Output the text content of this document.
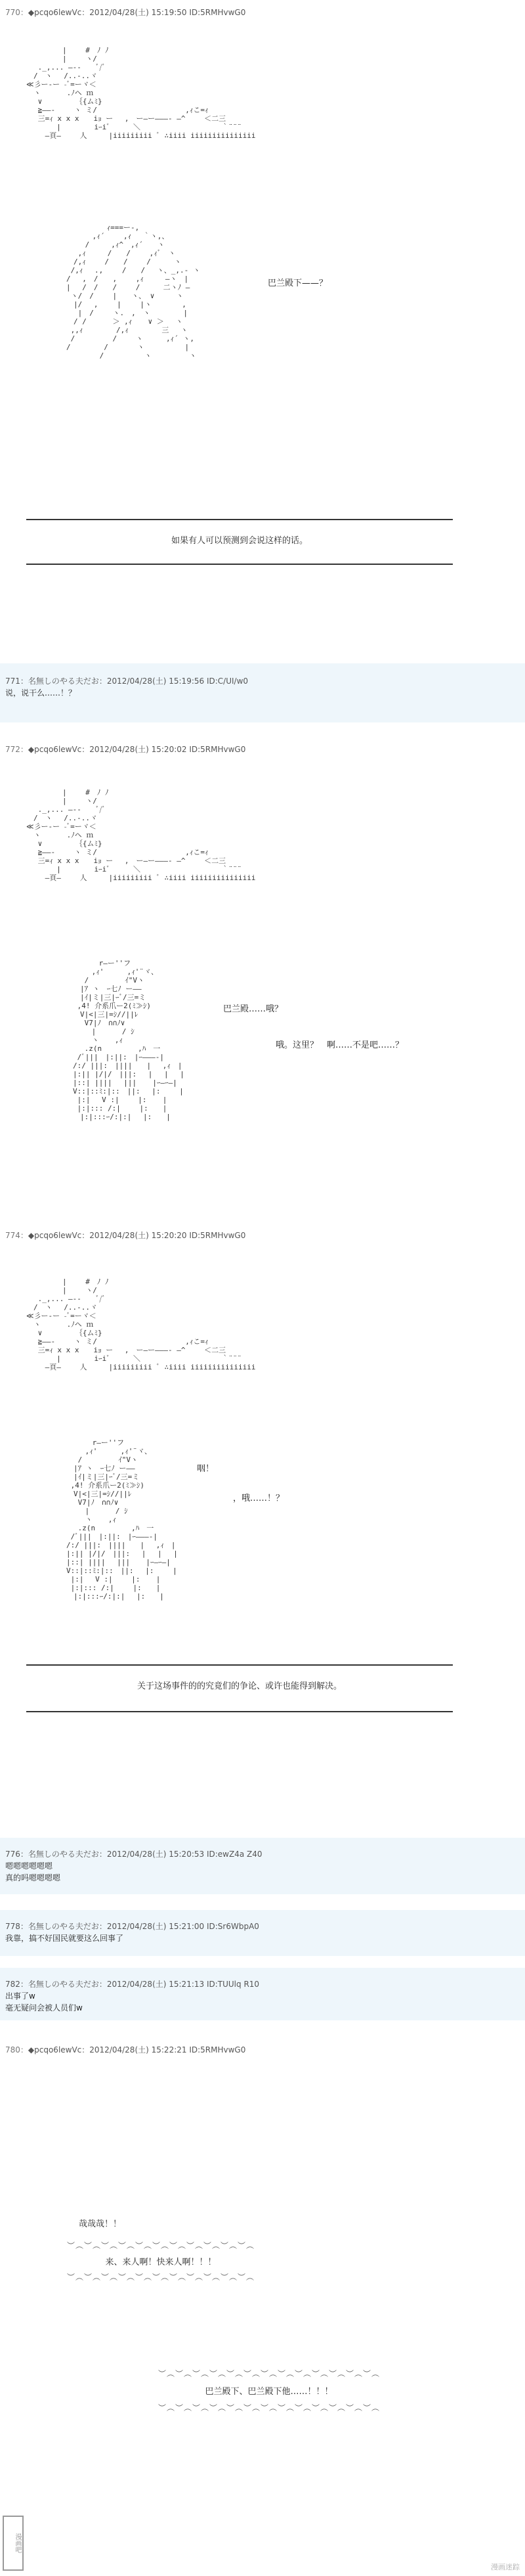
770：◆pcqo6lewVc：2012/04/28(土) 15:19:50 ID:5RMHvwG0
　　　　　|　　 #　ﾉ ﾉ
　　　　　|　　 ヽ/
　 ._,... ―--　　ﾞ/ﾞ
　/　ヽ　 /..-..ヾ
≪彡ー-ー -ﾞ=ーヾ＜
　ヽ　　　 .ﾉヘ ｍ
　 ∨　　　　 ｛{ムﾐ}
　 ≧――‐　　 ヽ ミ/　　　　　　　　　　 　 ,ｨこ=ｨ
　 三=ｨ x x x　　iｮ ー　 ,　ー―ー―――- ―^　　 ＜二三
　　 　 |　　　　 iｰiﾞ　 　 ＼　　　　　　 　　　　 ｀¨¨¨
　　 ―頁―　　 人　　　|iiiiiiiii ﾞ ∴iiii iiiiiiiiiiiiiii
　　　　　　 ｨ===ー-,
　　　　 ,ｨ´　　 ,ｨ　 ｀ヽ,、
　　　 /　　　,ｨ^　,ｨ´　　ヽ
　　 ,ｨ　　　/　　/　　 ,ｨﾞ　ヽ
　　/,ｨ　　 /　　/　　 / 　　 ヽ
　 /,ｨ　 .,　　 /　　/　 ヽ、_,.- ヽ
　/　 ,　/　　,　　 ,ｨ　　　―ヽ　|
　|　 /　/　　/　　 / 　　 二ヽﾉ ―
　 ヽ/　/　　 |　　ヽ、 ∨　　　ヽ
　　|/　 ,　　 |　　 |ヽ 　　　 ,
　　 |　/　　 ヽ.　,　ヽ　　　　 |
　　/ /　　　 ＞ ,ｨ 　 ∨ ＞　 ヽ
　 ,,ｨ　　　　 /,ｨ　　　　 三　 ヽ
　 / 　　　　 /　　 ヽ　 　 ,ｨ´ ヽ,
　/ 　　　　/　　　　ヽ　　 　　　|
　　　　　 /　　　　　 ヽ 　　　　 ヽ
巴兰殿下——？
如果有人可以预测到会说这样的话。
771：名無しのやる夫だお：2012/04/28(土) 15:19:56 ID:C/UI/w0
说，说干么……！？
772：◆pcqo6lewVc：2012/04/28(土) 15:20:02 ID:5RMHvwG0
　　　　　|　　 #　ﾉ ﾉ
　　　　　|　　 ヽ/
　 ._,... ―--　　ﾞ/ﾞ
　/　ヽ　 /..-..ヾ
≪彡ー-ー -ﾞ=ーヾ＜
　ヽ　　　 .ﾉヘ ｍ
　 ∨　　　　 ｛{ムﾐ}
　 ≧――‐　　 ヽ ミ/　　　　　　　　　　 　 ,ｨこ=ｨ
　 三=ｨ x x x　　iｮ ー　 ,　ー―ー―――- ―^　　 ＜二三
　　 　 |　　　　 iｰiﾞ　 　 ＼　　　　　　 　　　　 ｀¨¨¨
　　 ―頁―　　 人　　　|iiiiiiiii ﾞ ∴iiii iiiiiiiiiiiiiii
　　　　 r―ー''フ
　　　 ,ｨ' 　　 ,ｨ'¨ヾ、
　　 /　　　　　ｲ"Vヽ
　　|ｱ ヽ　ｰ七ﾉ ー――
　　|ｲ|ミ|三|ｰﾞ/三=ミ
　 ,4! 介系爪ー2(ﾐ≫ｼ)
　　V|<|三|=ｼ//||ﾚ
　　 V7|ﾉ　∩∩ﾉ∨
　　　 |　　　 / ｼ
　　　 ヽ 　 ,ｨ
　　 .z(n　　　　　,ﾊ　一
　 /ﾞ|||　|:||:　|ｰ―――‐|
　/:/ |||:　||||　　|　 ,ｨ　|
　|:|| |/|/　|||:　 |　 |　 |
　|::| ||||　 |||　  |ｰ―ｰ―|
　V::|::ﾐ:|::　||:　 |:　 　|
　 |:|　 V :|　　 |:　  |
　 |:|::: /:|　　 |:　　|
　　|:|:::ｰ/:|:|　 |:　　|
巴兰殿……哦？
哦。这里？　啊……不是吧……？
774：◆pcqo6lewVc：2012/04/28(土) 15:20:20 ID:5RMHvwG0
　　　　　|　　 #　ﾉ ﾉ
　　　　　|　　 ヽ/
　 ._,... ―--　　ﾞ/ﾞ
　/　ヽ　 /..-..ヾ
≪彡ー-ー -ﾞ=ーヾ＜
　ヽ　　　 .ﾉヘ ｍ
　 ∨　　　　 ｛{ムﾐ}
　 ≧――‐　　 ヽ ミ/　　　　　　　　　　 　 ,ｨこ=ｨ
　 三=ｨ x x x　　iｮ ー　 ,　ー―ー―――- ―^　　 ＜二三
　　 　 |　　　　 iｰiﾞ　 　 ＼　　　　　　 　　　　 ｀¨¨¨
　　 ―頁―　　 人　　　|iiiiiiiii ﾞ ∴iiii iiiiiiiiiiiiiii
　　　　 r―ー''フ
　　　 ,ｨ' 　　 ,ｨ'¨ヾ、
　　 /　　　　　ｲ"Vヽ
　　|ｱ ヽ　ｰ七ﾉ ー――
　　|ｲ|ミ|三|ｰﾞ/三=ミ
　 ,4! 介系爪ー2(ﾐ≫ｼ)
　　V|<|三|=ｼ//||ﾚ
　　 V7|ﾉ　∩∩ﾉ∨
　　　 |　　　 / ｼ
　　　 ヽ 　 ,ｨ
　　 .z(n　　　　　,ﾊ　一
　 /ﾞ|||　|:||:　|ｰ―――‐|
　/:/ |||:　||||　　|　 ,ｨ　|
　|:|| |/|/　|||:　 |　 |　 |
　|::| ||||　 |||　  |ｰ―ｰ―|
　V::|::ﾐ:|::　||:　 |:　 　|
　 |:|　 V :|　　 |:　  |
　 |:|::: /:|　　 |:　　|
　　|:|:::ｰ/:|:|　 |:　　|
咽！
，哦……！？
关于这场事件的的究竟们的争论、或许也能得到解决。
776：名無しのやる夫だお：2012/04/28(土) 15:20:53 ID:ewZ4a Z40
嗯嗯嗯嗯嗯嗯
真的吗嗯嗯嗯嗯
778：名無しのやる夫だお：2012/04/28(土) 15:21:00 ID:Sr6WbpA0
我靠，搞不好国民就要这么回事了
782：名無しのやる夫だお：2012/04/28(土) 15:21:13 ID:TUUlq R10
出事了w
毫无疑问会被人员们w
780：◆pcqo6lewVc：2012/04/28(土) 15:22:21 ID:5RMHvwG0
哉哉哉！！
︶︵︶︵︶︵︶︵︶︵︶︵︶︵︶︵︶︵︶︵︶︵
来、来人啊！快来人啊！！！
︶︵︶︵︶︵︶︵︶︵︶︵︶︵︶︵︶︵︶︵︶︵
︶︵︶︵︶︵︶︵︶︵︶︵︶︵︶︵︶︵︶︵︶︵︶︵︶︵
巴兰殿下、巴兰殿下他……！！！
︶︵︶︵︶︵︶︵︶︵︶︵︶︵︶︵︶︵︶︵︶︵︶︵︶︵
漫画吧
漫画迷踪
